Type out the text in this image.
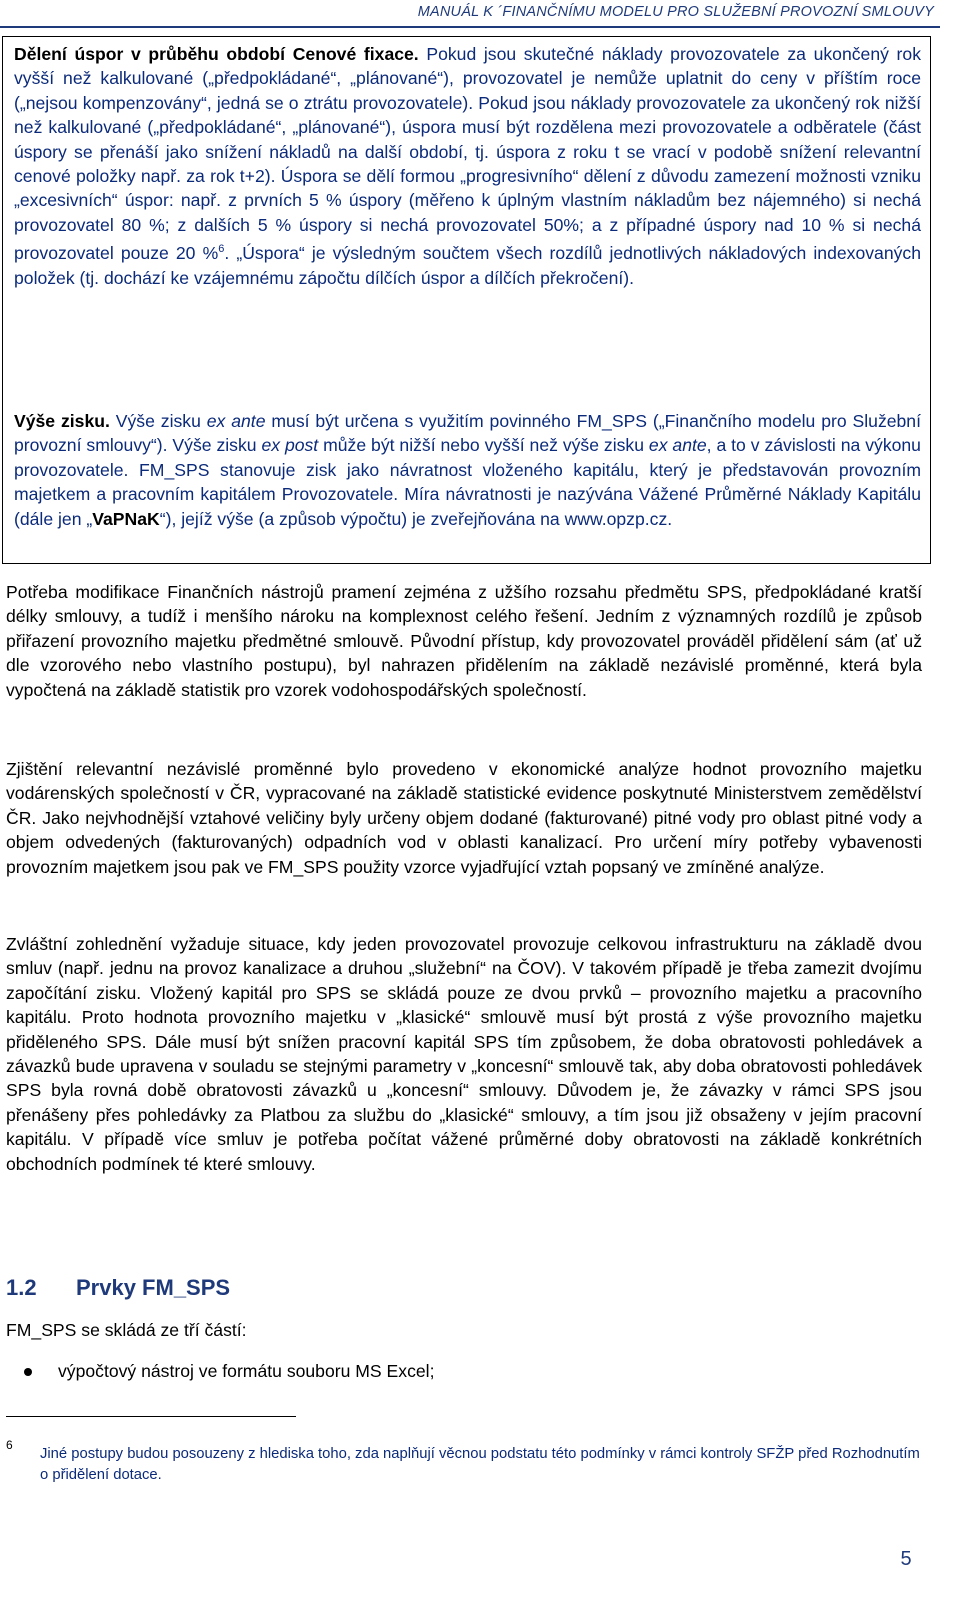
MANUÁL K ´FINANČNÍMU MODELU PRO SLUŽEBNÍ PROVOZNÍ SMLOUVY

Dělení úspor v průběhu období Cenové fixace. Pokud jsou skutečné náklady provozovatele za ukončený rok vyšší než kalkulované („předpokládané“, „plánované“), provozovatel je nemůže uplatnit do ceny v příštím roce („nejsou kompenzovány“, jedná se o ztrátu provozovatele). Pokud jsou náklady provozovatele za ukončený rok nižší než kalkulované („předpokládané“, „plánované“), úspora musí být rozdělena mezi provozovatele a odběratele (část úspory se přenáší jako snížení nákladů na další období, tj. úspora z roku t se vrací v podobě snížení relevantní cenové položky např. za rok t+2). Úspora se dělí formou „progresivního“ dělení z důvodu zamezení možnosti vzniku „excesivních“ úspor: např. z prvních 5 % úspory (měřeno k úplným vlastním nákladům bez nájemného) si nechá provozovatel 80 %; z dalších 5 % úspory si nechá provozovatel 50%; a z případné úspory nad 10 % si nechá provozovatel pouze 20 %$^6$. „Úspora“ je výsledným součtem všech rozdílů jednotlivých nákladových indexovaných položek (tj. dochází ke vzájemnému zápočtu dílčích úspor a dílčích překročení).

Výše zisku. Výše zisku ex ante musí být určena s využitím povinného FM_SPS („Finančního modelu pro Služební provozní smlouvy“). Výše zisku ex post může být nižší nebo vyšší než výše zisku ex ante, a to v závislosti na výkonu provozovatele. FM_SPS stanovuje zisk jako návratnost vloženého kapitálu, který je představován provozním majetkem a pracovním kapitálem Provozovatele. Míra návratnosti je nazývána Vážené Průměrné Náklady Kapitálu (dále jen „VaPNaK“), jejíž výše (a způsob výpočtu) je zveřejňována na www.opzp.cz.

Potřeba modifikace Finančních nástrojů pramení zejména z užšího rozsahu předmětu SPS, předpokládané kratší délky smlouvy, a tudíž i menšího nároku na komplexnost celého řešení. Jedním z významných rozdílů je způsob přiřazení provozního majetku předmětné smlouvě. Původní přístup, kdy provozovatel prováděl přidělení sám (ať už dle vzorového nebo vlastního postupu), byl nahrazen přidělením na základě nezávislé proměnné, která byla vypočtená na základě statistik pro vzorek vodohospodářských společností.

Zjištění relevantní nezávislé proměnné bylo provedeno v ekonomické analýze hodnot provozního majetku vodárenských společností v ČR, vypracované na základě statistické evidence poskytnuté Ministerstvem zemědělství ČR. Jako nejvhodnější vztahové veličiny byly určeny objem dodané (fakturované) pitné vody pro oblast pitné vody a objem odvedených (fakturovaných) odpadních vod v oblasti kanalizací. Pro určení míry potřeby vybavenosti provozním majetkem jsou pak ve FM_SPS použity vzorce vyjadřující vztah popsaný ve zmíněné analýze.

Zvláštní zohlednění vyžaduje situace, kdy jeden provozovatel provozuje celkovou infrastrukturu na základě dvou smluv (např. jednu na provoz kanalizace a druhou „služební“ na ČOV). V takovém případě je třeba zamezit dvojímu započítání zisku. Vložený kapitál pro SPS se skládá pouze ze dvou prvků – provozního majetku a pracovního kapitálu. Proto hodnota provozního majetku v „klasické“ smlouvě musí být prostá z výše provozního majetku přiděleného SPS. Dále musí být snížen pracovní kapitál SPS tím způsobem, že doba obratovosti pohledávek a závazků bude upravena v souladu se stejnými parametry v „koncesní“ smlouvě tak, aby doba obratovosti pohledávek SPS byla rovná době obratovosti závazků u „koncesní“ smlouvy. Důvodem je, že závazky v rámci SPS jsou přenášeny přes pohledávky za Platbou za službu do „klasické“ smlouvy, a tím jsou již obsaženy v jejím pracovní kapitálu. V případě více smluv je potřeba počítat vážené průměrné doby obratovosti na základě konkrétních obchodních podmínek té které smlouvy.

1.2 Prvky FM_SPS

FM_SPS se skládá ze tří částí:

výpočtový nástroj ve formátu souboru MS Excel;

6

Jiné postupy budou posouzeny z hlediska toho, zda naplňují věcnou podstatu této podmínky v rámci kontroly SFŽP před Rozhodnutím o přidělení dotace.

5
